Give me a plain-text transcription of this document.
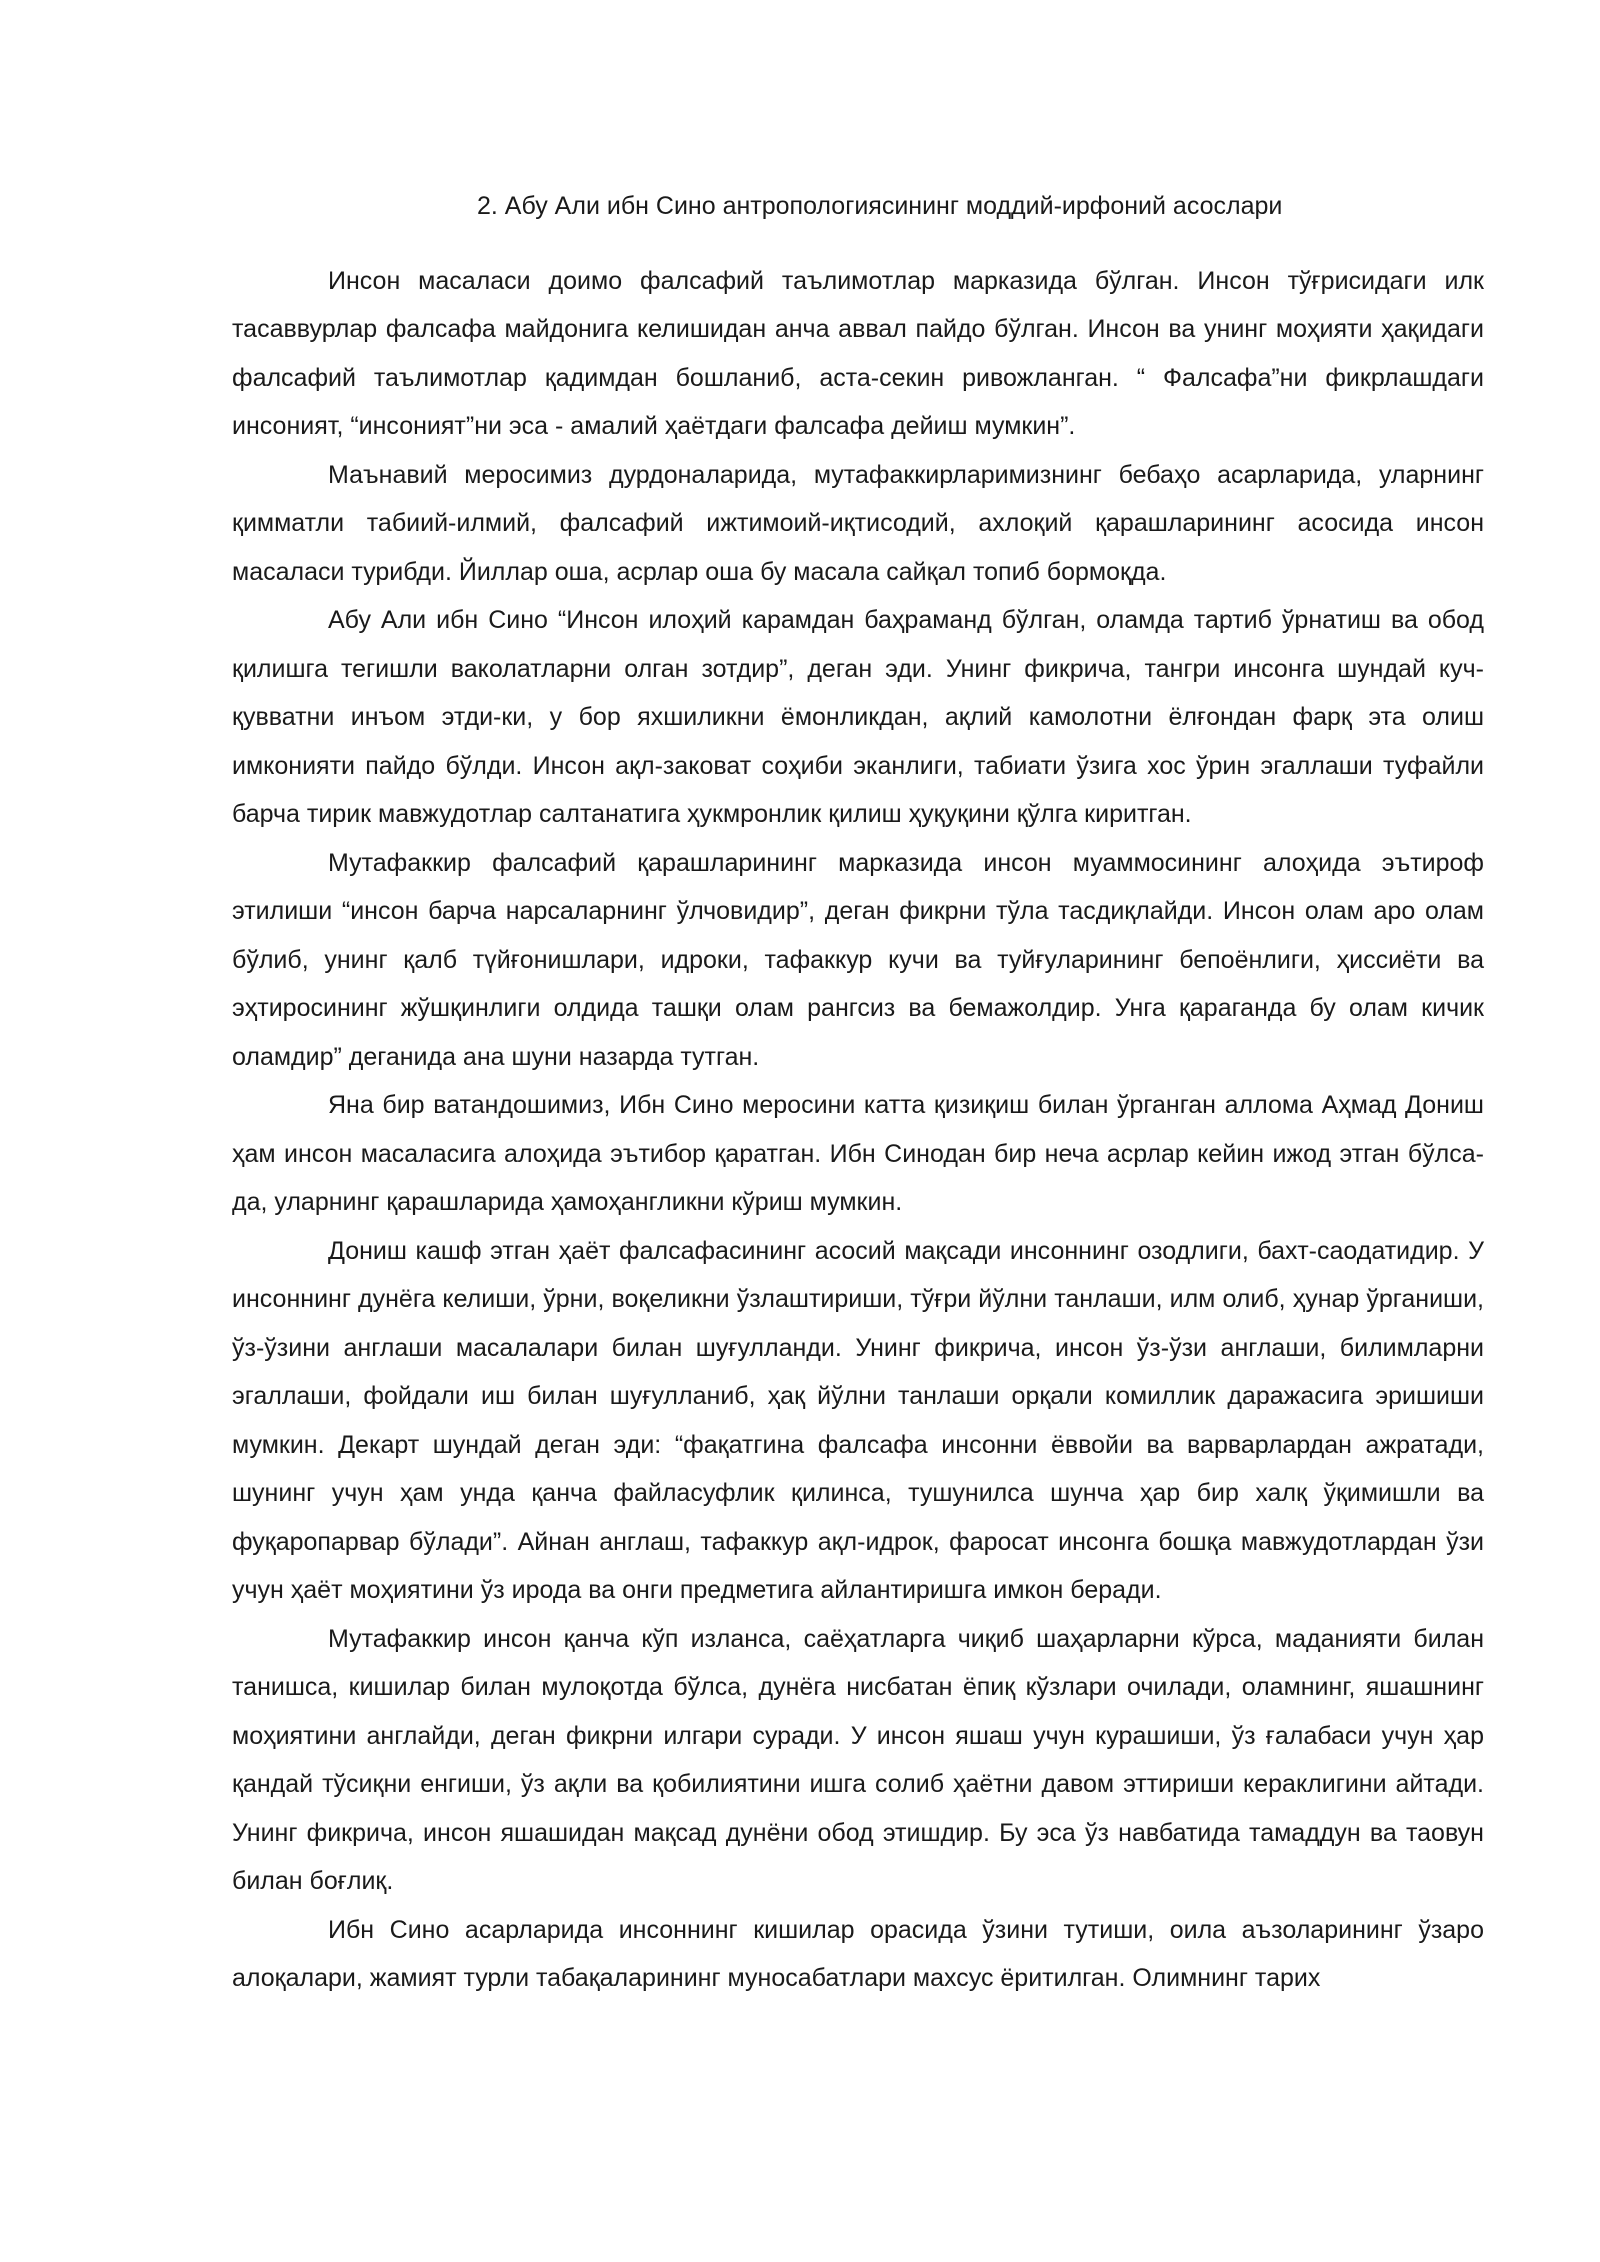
2. Абу Али ибн Сино антропологиясининг моддий-ирфоний асослари

Инсон масаласи доимо фалсафий таълимотлар марказида бўлган. Инсон тўғрисидаги илк тасаввурлар фалсафа майдонига келишидан анча аввал пайдо бўлган. Инсон ва унинг моҳияти ҳақидаги фалсафий таълимотлар қадимдан бошланиб, аста-секин ривожланган. “ Фалсафа”ни фикрлашдаги инсоният, “инсоният”ни эса - амалий ҳаётдаги фалсафа дейиш мумкин”.

Маънавий меросимиз дурдоналарида, мутафаккирларимизнинг бебаҳо асарларида, уларнинг қимматли табиий-илмий, фалсафий ижтимоий-иқтисодий, ахлоқий қарашларининг асосида инсон масаласи турибди. Йиллар оша, асрлар оша бу масала сайқал топиб бормоқда.

Абу Али ибн Сино “Инсон илоҳий карамдан баҳраманд бўлган, оламда тартиб ўрнатиш ва обод қилишга тегишли ваколатларни олган зотдир”, деган эди. Унинг фикрича, тангри инсонга шундай куч-қувватни инъом этди-ки, у бор яхшиликни ёмонликдан, ақлий камолотни ёлғондан фарқ эта олиш имконияти пайдо бўлди. Инсон ақл-заковат соҳиби эканлиги, табиати ўзига хос ўрин эгаллаши туфайли барча тирик мавжудотлар салтанатига ҳукмронлик қилиш ҳуқуқини қўлга киритган.

Мутафаккир фалсафий қарашларининг марказида инсон муаммосининг алоҳида эътироф этилиши “инсон барча нарсаларнинг ўлчовидир”, деган фикрни тўла тасдиқлайди. Инсон олам аро олам бўлиб, унинг қалб түйғонишлари, идроки, тафаккур кучи ва туйғуларининг бепоёнлиги, ҳиссиёти ва эҳтиросининг жўшқинлиги олдида ташқи олам рангсиз ва бемажолдир. Унга қараганда бу олам кичик оламдир” деганида ана шуни назарда тутган.

Яна бир ватандошимиз, Ибн Сино меросини катта қизиқиш билан ўрганган аллома Аҳмад Дониш ҳам инсон масаласига алоҳида эътибор қаратган. Ибн Синодан бир неча асрлар кейин ижод этган бўлса-да, уларнинг қарашларида ҳамоҳангликни кўриш мумкин.

Дониш кашф этган ҳаёт фалсафасининг асосий мақсади инсоннинг озодлиги, бахт-саодатидир. У инсоннинг дунёга келиши, ўрни, воқеликни ўзлаштириши, тўғри йўлни танлаши, илм олиб, ҳунар ўрганиши, ўз-ўзини англаши масалалари билан шуғулланди. Унинг фикрича, инсон ўз-ўзи англаши, билимларни эгаллаши, фойдали иш билан шуғулланиб, ҳақ йўлни танлаши орқали комиллик даражасига эришиши мумкин. Декарт шундай деган эди: “фақатгина фалсафа инсонни ёввойи ва варварлардан ажратади, шунинг учун ҳам унда қанча файласуфлик қилинса, тушунилса шунча ҳар бир халқ ўқимишли ва фуқаропарвар бўлади”. Айнан англаш, тафаккур ақл-идрок, фаросат инсонга бошқа мавжудотлардан ўзи учун ҳаёт моҳиятини ўз ирода ва онги предметига айлантиришга имкон беради.

Мутафаккир инсон қанча кўп изланса, саёҳатларга чиқиб шаҳарларни кўрса, маданияти билан танишса, кишилар билан мулоқотда бўлса, дунёга нисбатан ёпиқ кўзлари очилади, оламнинг, яшашнинг моҳиятини англайди, деган фикрни илгари суради. У инсон яшаш учун курашиши, ўз ғалабаси учун ҳар қандай тўсиқни енгиши, ўз ақли ва қобилиятини ишга солиб ҳаётни давом эттириши кераклигини айтади. Унинг фикрича, инсон яшашидан мақсад дунёни обод этишдир. Бу эса ўз навбатида тамаддун ва таовун билан боғлиқ.

Ибн Сино асарларида инсоннинг кишилар орасида ўзини тутиши, оила аъзоларининг ўзаро алоқалари, жамият турли табақаларининг муносабатлари махсус ёритилган. Олимнинг тарих
